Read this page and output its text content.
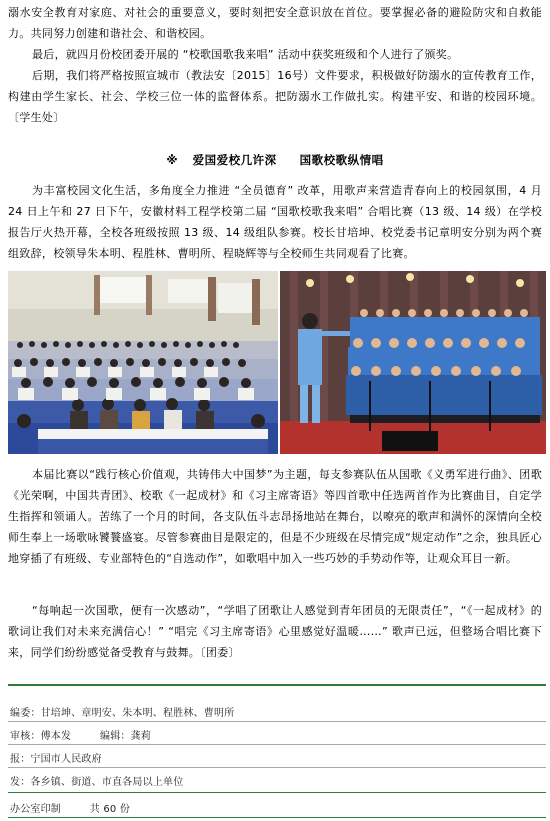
溺水安全教育对家庭、对社会的重要意义，要时刻把安全意识放在首位。要掌握必备的避险防灾和自救能力。共同努力创建和谐社会、和谐校园。

最后，就四月份校团委开展的 “校歌国歌我来唱” 活动中获奖班级和个人进行了颁奖。

后期，我们将严格按照宣城市（教法安〔2015〕16号）文件要求，积极做好防溺水的宣传教育工作，构建由学生家长、社会、学校三位一体的监督体系。把防溺水工作做扎实。构建平安、和谐的校园环境。〔学生处〕

※ 爱国爱校几许深 国歌校歌纵情唱

为丰富校园文化生活，多角度全力推进 “全员德育” 改革，用歌声来营造青春向上的校园氛围，4 月 24 日上午和 27 日下午，安徽材料工程学校第二届 “国歌校歌我来唱” 合唱比赛（13 级、14 级）在学校报告厅火热开幕，全校各班级按照 13 级、14 级组队参赛。校长甘培坤、校党委书记章明安分别为两个赛组致辞，校领导朱本明、程胜林、曹明所、程晓辉等与全校师生共同观看了比赛。

本届比赛以“践行核心价值观，共铸伟大中国梦”为主题，每支参赛队伍从国歌《义勇军进行曲》、团歌《光荣啊，中国共青团》、校歌《一起成材》和《习主席寄语》等四首歌中任选两首作为比赛曲目，自定学生指挥和领诵人。苦练了一个月的时间，各支队伍斗志昂扬地站在舞台，以嘹亮的歌声和满怀的深情向全校师生奉上一场歌咏饕餮盛宴。尽管参赛曲目是限定的，但是不少班级在尽情完成“规定动作”之余，独具匠心地穿插了有班级、专业部特色的“自选动作”，如歌唱中加入一些巧妙的手势动作等，让观众耳目一新。

“每响起一次国歌，便有一次感动”，“学唱了团歌让人感觉到青年团员的无限责任”，“《一起成材》的歌词让我们对未来充满信心！” “唱完《习主席寄语》心里感觉好温暖……” 歌声已远，但整场合唱比赛下来，同学们纷纷感觉备受教育与鼓舞。〔团委〕

编委：甘培坤、章明安、朱本明、程胜林、曹明所
审核：傅本发	编辑：龚莉
报：宁国市人民政府
发：各乡镇、街道、市直各局以上单位
办公室印制	共 60 份
